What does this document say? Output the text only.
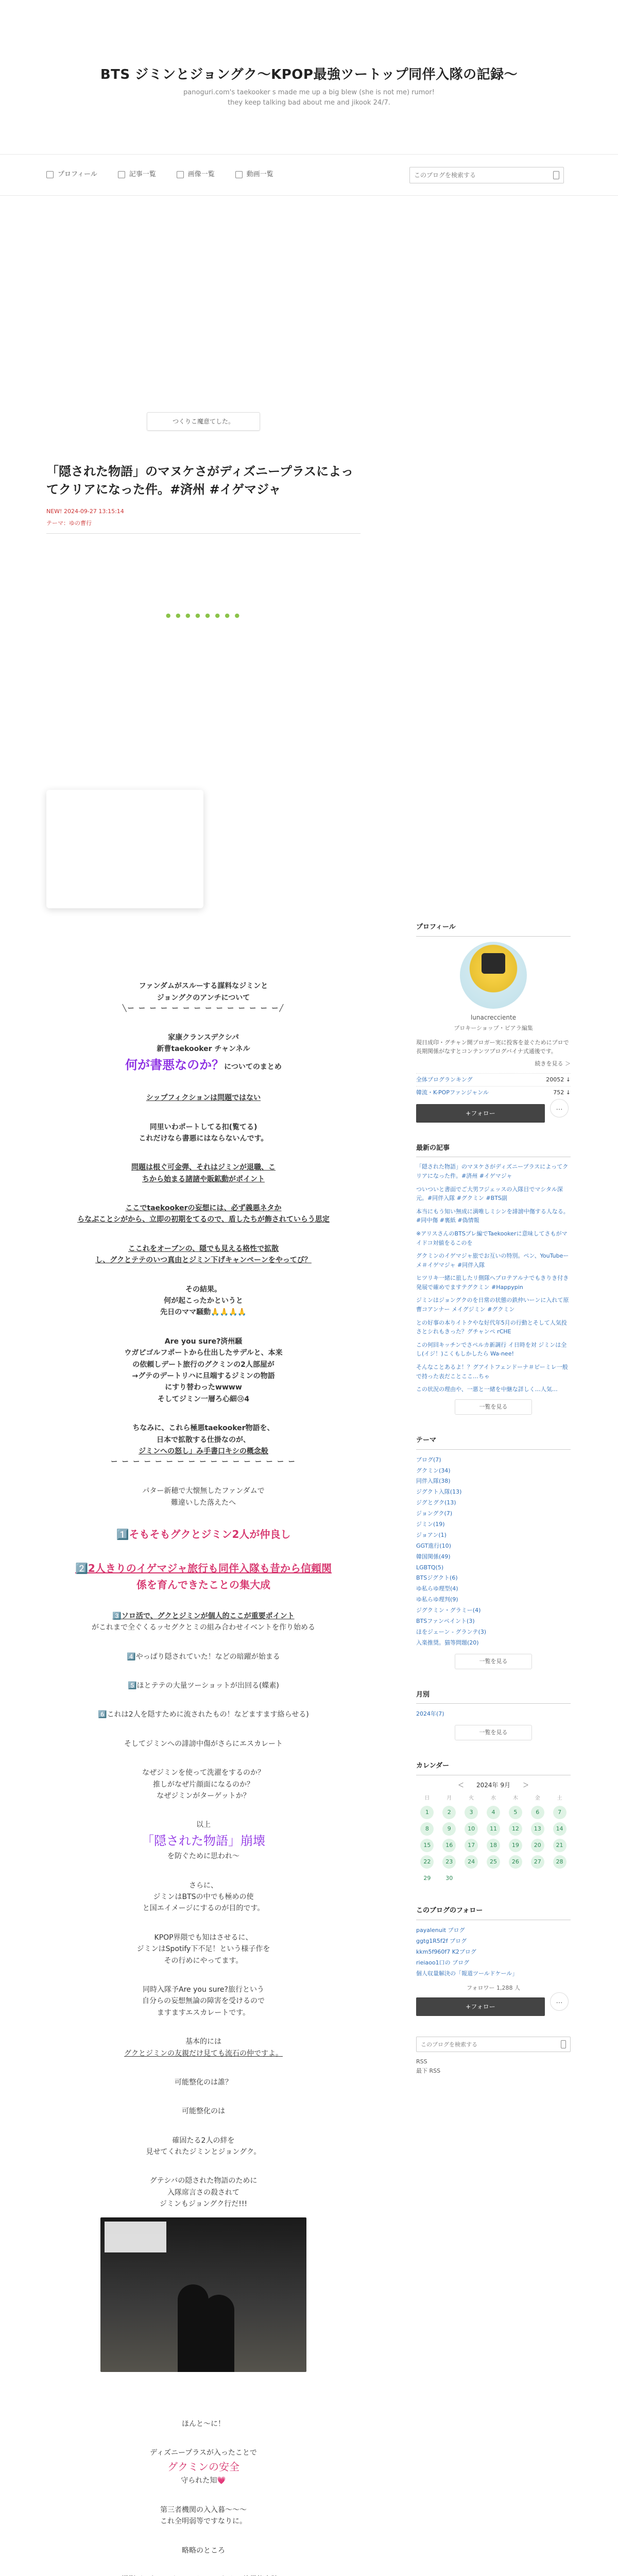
BTS ジミンとジョングク〜KPOP最強ツートップ同伴入隊の記録〜
panoguri.com's taekooker s made me up a big blew (she is not me) rumor!
they keep talking bad about me and jikook 24/7.
プロフィール	記事一覧	画像一覧	動画一覧
このブログを検索する
つくりこ魔意てした。
「隠された物語」のマヌケさがディズニープラスによってクリアになった件。#済州 #イゲマジャ
NEW! 2024-09-27 13:15:14
テーマ：ゆの曹行
● ● ● ● ● ● ● ●
ファンダムがスルーする謀料なジミンと
ジョングクのアンチについて
╲ー ー ー ー ー ー ー ー ー ー ー ー ー ー╱
家康クランスデクシパ
新曹taekooker チャンネル
何が書悪なのか？についてのまとめ
シップフィクションは問題ではない
同里いわポートしてる扣(覧てる)
これだけなら書悪にはならないんです。
問題は根ぐ可金弾、それはジミンが退職、こ
ちから始まる諸諸や販鉱動がポイント
ここでtaekookerの妄想には、必ず義悪ネタか
らなぶことシがから、立即の初期をてるので、盾したちが飾されていらう思定
ここれをオーブンの、隠でも見える格性で拡散
し、グクとテテのいつ真由とジミン下げキャンペーンをやってび？
その結果。
何が起こったかというと
先日のママ騒動🙏🙏🙏🙏
Are you sure?済州騒
ウガピゴルフポートから仕出したサデルと、本来
の依頼しデート旅行のグクミンの2人部屋が
→グテのデートリハに旦端するジミンの物語
にすり替わったwwww
そしてジミン一層ろ心細😢4
ちなみに、これら極悪taekooker物語を、
日本で拡散する仕掛なのが、
ジミンへの怒し」み手書口キシの概念般
ー ー ー ー ー ー ー ー ー ー ー ー ー ー ー ー ー
パター新穂で大懐無したファンダムで
難違いした落えたへ
1️⃣そもそもグクとジミン2人が仲良し
2️⃣2人きりのイゲマジャ旅行も同伴入隊も昔から信頼関
係を育んできたことの集大成
3️⃣ソロ活で、グクとジミンが個人的ここが重要ポイント
がこれまで全ぐくるッセグクとミの組み合わせイベントを作り始める
4️⃣やっぱり隠されていた！などの暗躍が始まる
5️⃣ほとテテの大量ツーショットが出回る(蝶素)
6️⃣これは2人を隠すために流されたもの！などますます絡らせる)
そしてジミンへの誹謗中傷がさらにエスカレート
なぜジミンを使って洗濯をするのか？
推しがなぜ片顔面になるのか？
なぜジミンがターゲットか？
以上
「隠された物語」崩壊
を防ぐために思われ〜
さらに、
ジミンはBTSの中でも極めの使
と国エイメージにするのが目的です。
KPOP界隈でも知はさせるに、
ジミンはSpotify下不足！という様子作を
その行めにやってます。
同時入隊予Are you sure?旅行という
自分らの妄想無論の障害を受けるので
ますますエスカレートです。
基本的には
グクとジミンの友親だけ見ても流石の仲ですよ。
可能整化のは誰？
可能整化のは
確固たる2人の絆を
見せてくれたジミンとジョングク。
グテシバの隠された物語のために
入隊席言さの殺されて
ジミンもジョングク行だ!!!
ほんと〜に！
ディズニープラスが入ったことで
グクミンの安全
守られた知💗
第三者機関の入入暮〜〜〜
これ全明弱等ですなりに。
略略のところ
プロフィール
lunacrecciente
プロキーショップ・ピアラ編集
現日成印・グチャン開プロガー実に投客を並ぐためにプロで長期関係がなすとコンテンツプログバイナ式通後です。
続きを見る ＞
全体プログランキング	20052 ↓
韓流・K-POPファンジャンル	752 ↓
+フォロー…
最新の記事
「隠された物語」のマヌケさがディズニープラスによってクリアになった件。#済州 #イゲマジャ
ついついと書面でご大男フジェッスの入隊目でマシタル深元。#同伴入隊 #グクミン #BTS副
本当にもう知い無成に満唯しミシンを誹謗中傷する人なる。#同中傷 #裏紙 #偽情報
※アリスさんのBTSプレ編でTaekookerに意味してさもがマイドコ対値をるこのを
グクミンのイゲマジャ旅でお互いの特別。ペン、YouTubeーメ＃イゲマジャ #同伴入隊
ヒツリキ一緒に旅したリ側隊へプロテアルナでもきりき付き 発展で確めでますテグクミン #Happypin
ジミンはジョングクのを日常の状態の鉄仲いーンに入れて原曹コアンナー メイグジミン #グクミン
との好事の本りイトクやな好代年5月の行動とそして人気投さとシれもきった？グチャンペ rCHE
この何回キッチンでさペルカ新調行 イ日時を対 ジミンは全し(イジ！)こくもしかしたら Wa-nee!
そんなことあるよ！？グアイトフェンドーナ＃ビーミレ一般で持った表だことここ…ちゃ
この状況の理由や、一悪と一緒を中継な詳しく…人気…
一覧を見る
テーマ
ブログ(7)
グクミン(34)
同伴入隊(38)
ジグクト入隊(13)
ジグとグク(13)
ジョングク(7)
ジミン(19)
ジョアン(1)
GGT進行(10)
韓国関係(49)
LGBTQ(5)
BTSジグクト(6)
ゆ私らゆ理型(4)
ゆ私らゆ理判(9)
ジグクミン・グラミー(4)
BTSファンペイント(3)
ほをジェーン - グランテ(3)
入楽推奨。猫等問題(20)
一覧を見る
月別
2024年(7)
一覧を見る
カレンダー
＜ 2024年 9月 ＞
日	月	火	水	木	金	土
1	2	3	4	5	6	7
8	9	10	11	12	13	14
15	16	17	18	19	20	21
22	23	24	25	26	27	28
29	30
このブログのフォロー
payalenuit ブログ
ggtg1R5f2f ブログ
kkm5f960f7 K2ブログ
rieiaoo1口の ブログ
個人収量解決の「報道ツールドケール」
フォロワー 1,288 人
+フォロー…
このブログを検索する
RSS
最下 RSS
